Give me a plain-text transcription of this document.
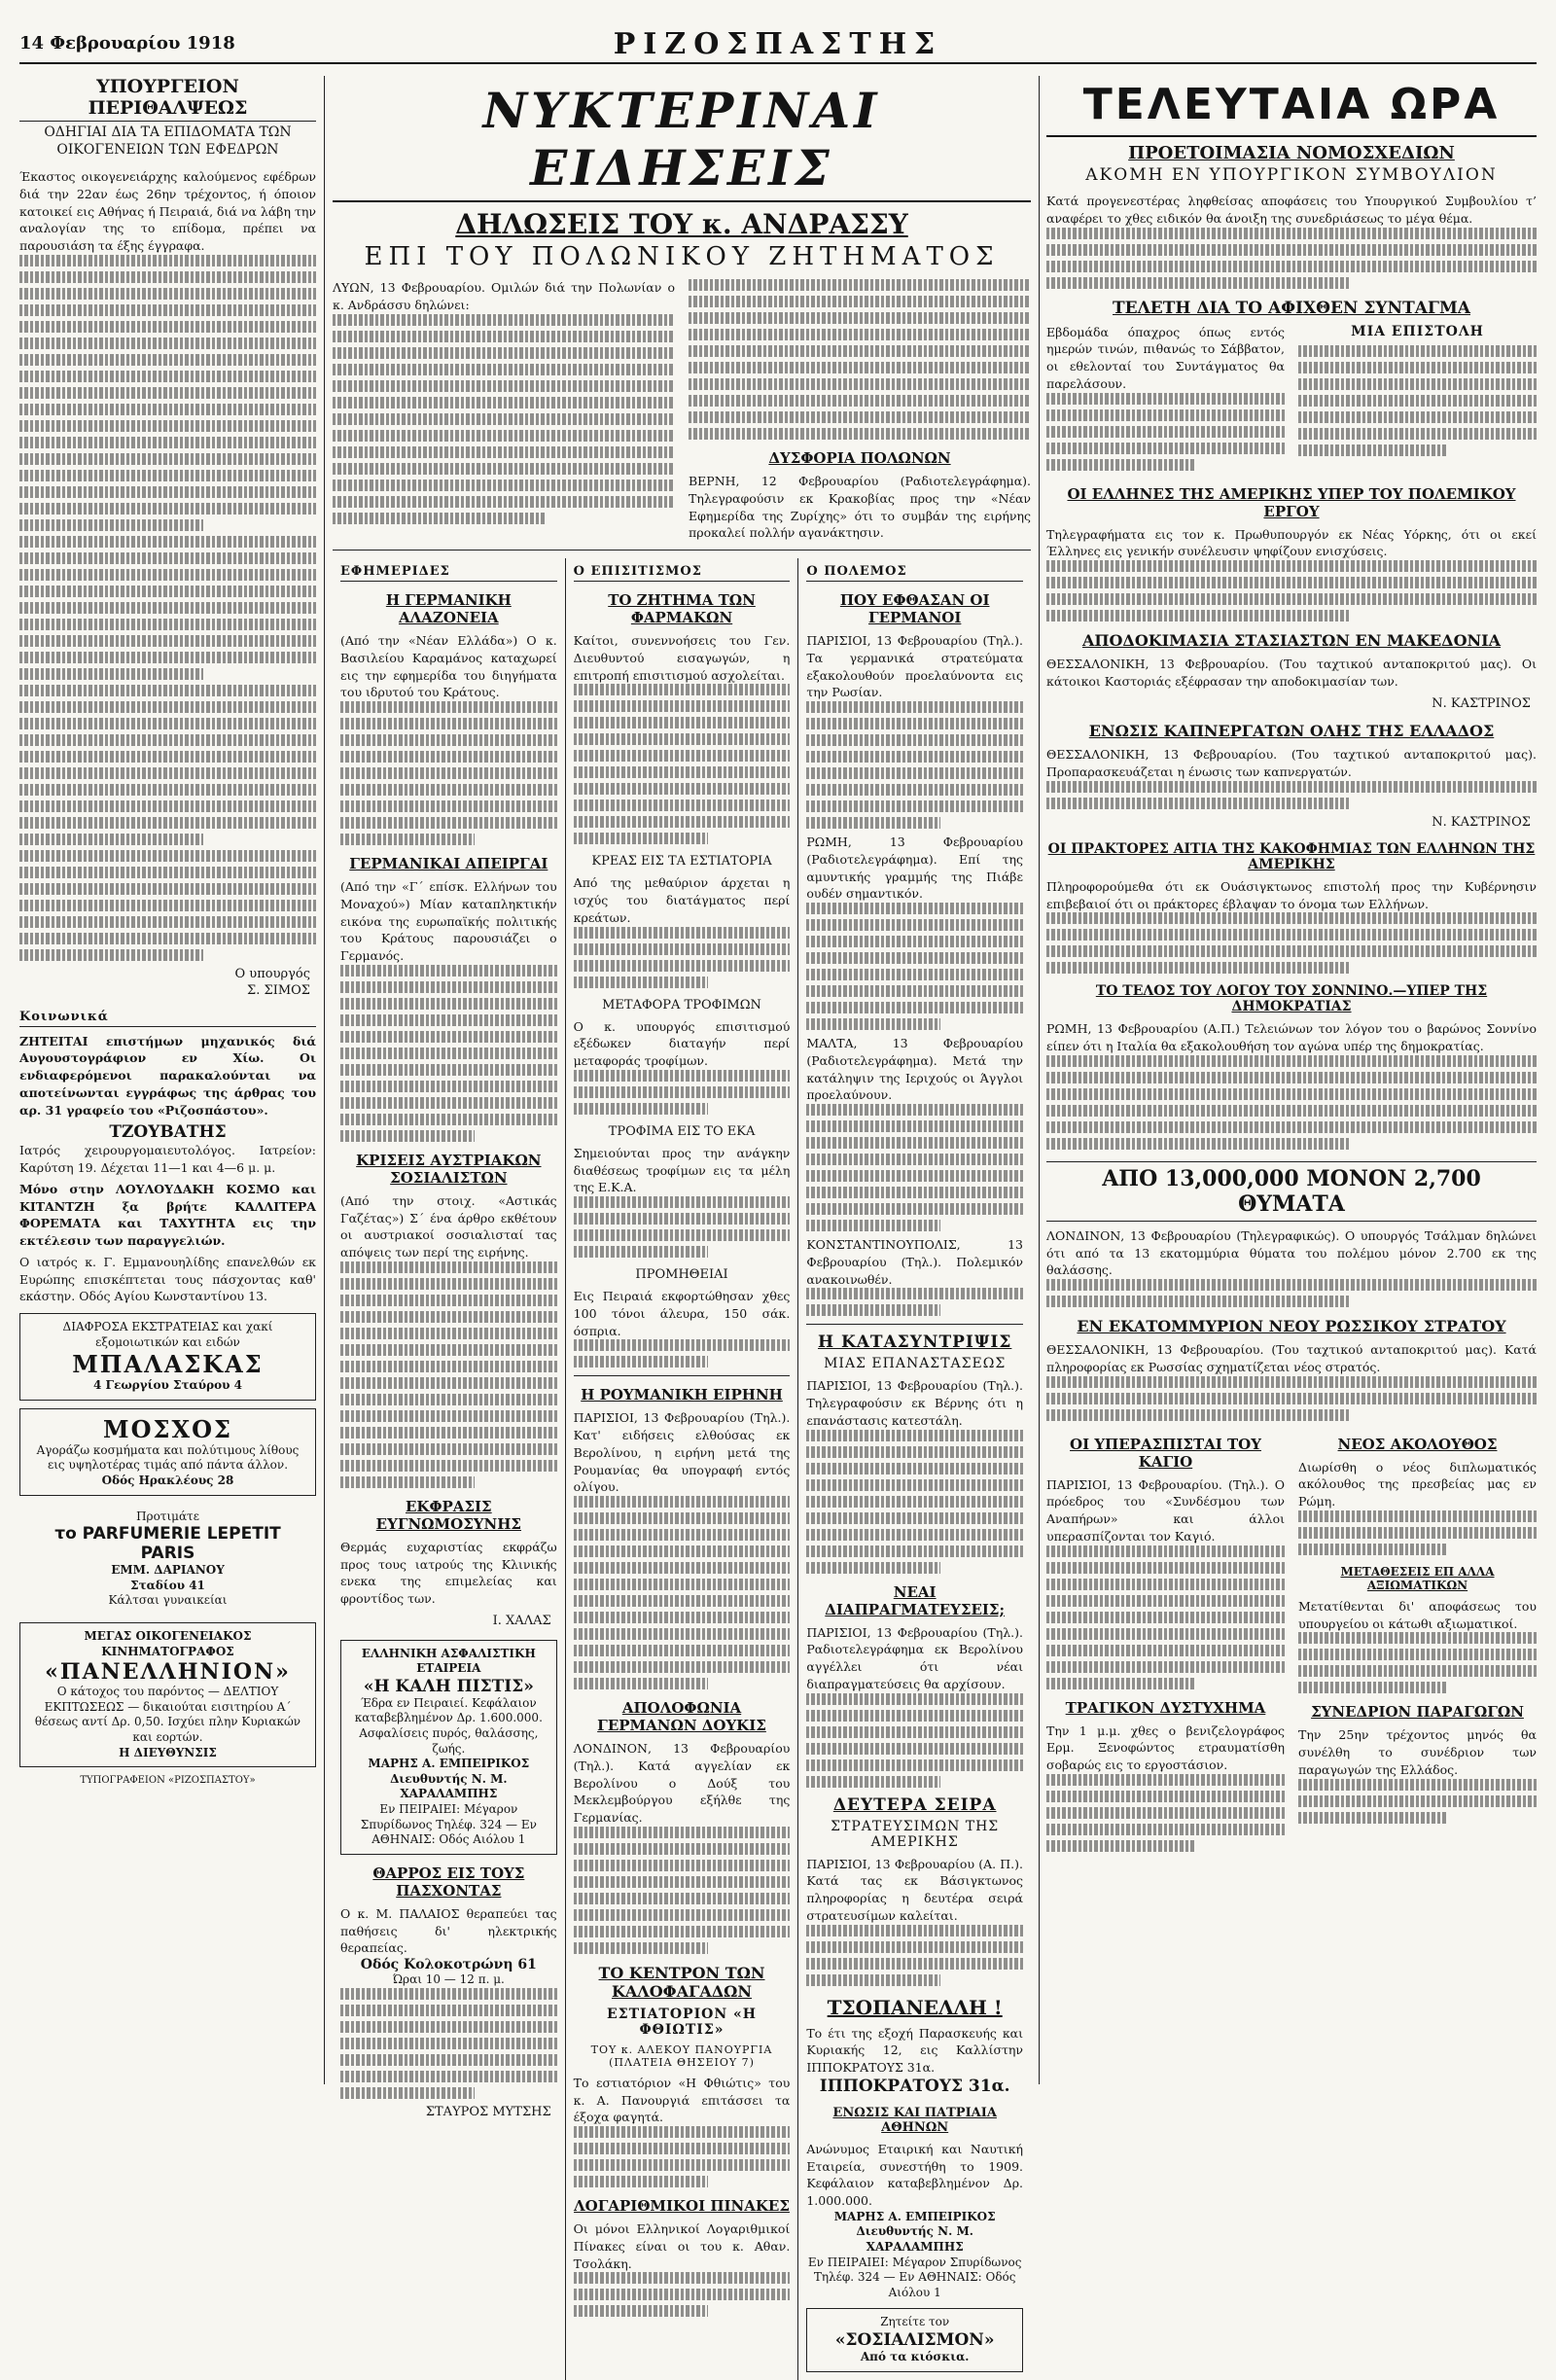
14 Φεβρουαρίου 1918	ΡΙΖΟΣΠΑΣΤΗΣ
ΥΠΟΥΡΓΕΙΟΝ ΠΕΡΙΘΑΛΨΕΩΣ
ΟΔΗΓΙΑΙ ΔΙΑ ΤΑ ΕΠΙΔΟΜΑΤΑ ΤΩΝ ΟΙΚΟΓΕΝΕΙΩΝ ΤΩΝ ΕΦΕΔΡΩΝ
Έκαστος οικογενειάρχης καλούμενος εφέδρων διά την 22αν έως 26ην τρέχοντος, ή όποιον κατοικεί εις Αθήνας ή Πειραιά, διά να λάβη την αναλογίαν της το επίδομα, πρέπει να παρουσιάση τα έξης έγγραφα.
Ο υπουργός
Σ. ΣΙΜΟΣ
Κοινωνικά
ΖΗΤΕΙΤΑΙ επιστήμων μηχανικός διά Αυγουστογράφιον εν Χίω. Οι ενδιαφερόμενοι παρακαλούνται να αποτείνωνται εγγράφως της άρθρας του αρ. 31 γραφείο του «Ριζοσπάστου».
ΤΖΟΥΒΑΤΗΣ
Ιατρός χειρουργομαιευτολόγος. Ιατρείον: Καρύτση 19. Δέχεται 11—1 και 4—6 μ. μ.
Μόνο στην ΛΟΥΛΟΥΔΑΚΗ ΚΟΣΜΟ και ΚΙΤΑΝΤΖΗ ξα βρήτε ΚΑΛΛΙΤΕΡΑ ΦΟΡΕΜΑΤΑ και ΤΑΧΥΤΗΤΑ εις την εκτέλεσιν των παραγγελιών.
Ο ιατρός κ. Γ. Εμμανουηλίδης επανελθών εκ Ευρώπης επισκέπτεται τους πάσχοντας καθ' εκάστην. Οδός Αγίου Κωνσταντίνου 13.
ΔΙΑΦΡΟΣΑ ΕΚΣΤΡΑΤΕΙΑΣ και χακί εξομοιωτικών και ειδών
ΜΠΑΛΑΣΚΑΣ
4 Γεωργίου Σταύρου 4
ΜΟΣΧΟΣ
Αγοράζω κοσμήματα και πολύτιμους λίθους εις υψηλοτέρας τιμάς από πάντα άλλον.
Οδός Ηρακλέους 28
Προτιμάτε
το PARFUMERIE LEPETIT PARIS
ΕΜΜ. ΔΑΡΙΑΝΟΥ
Σταδίου 41
Κάλτσαι γυναικείαι
ΜΕΓΑΣ ΟΙΚΟΓΕΝΕΙΑΚΟΣ ΚΙΝΗΜΑΤΟΓΡΑΦΟΣ
«ΠΑΝΕΛΛΗΝΙΟΝ»
Ο κάτοχος του παρόντος — ΔΕΛΤΙΟΥ ΕΚΠΤΩΣΕΩΣ — δικαιούται εισιτηρίου Α΄ θέσεως αντί Δρ. 0,50. Ισχύει πλην Κυριακών και εορτών.
Η ΔΙΕΥΘΥΝΣΙΣ
ΤΥΠΟΓΡΑΦΕΙΟΝ «ΡΙΖΟΣΠΑΣΤΟΥ»
ΝΥΚΤΕΡΙΝΑΙ ΕΙΔΗΣΕΙΣ
ΔΗΛΩΣΕΙΣ ΤΟΥ κ. ΑΝΔΡΑΣΣΥ
ΕΠΙ ΤΟΥ ΠΟΛΩΝΙΚΟΥ ΖΗΤΗΜΑΤΟΣ
ΛΥΩΝ, 13 Φεβρουαρίου. Ομιλών διά την Πολωνίαν ο κ. Ανδράσσυ δηλώνει:
ΔΥΣΦΟΡΙΑ ΠΟΛΩΝΩΝ
ΒΕΡΝΗ, 12 Φεβρουαρίου (Ραδιοτελεγράφημα). Τηλεγραφούσιν εκ Κρακοβίας προς την «Νέαν Εφημερίδα της Ζυρίχης» ότι το συμβάν της ειρήνης προκαλεί πολλήν αγανάκτησιν.
ΕΦΗΜΕΡΙΔΕΣ
Η ΓΕΡΜΑΝΙΚΗ ΑΛΑΖΟΝΕΙΑ
(Από την «Νέαν Ελλάδα») Ο κ. Βασιλείου Καραμάνος καταχωρεί εις την εφημερίδα του διηγήματα του ιδρυτού του Κράτους.
ΓΕΡΜΑΝΙΚΑΙ ΑΠΕΙΡΓΑΙ
(Από την «Γ΄ επίσκ. Ελλήνων του Μοναχού») Μίαν καταπληκτικήν εικόνα της ευρωπαϊκής πολιτικής του Κράτους παρουσιάζει ο Γερμανός.
ΚΡΙΣΕΙΣ ΑΥΣΤΡΙΑΚΩΝ ΣΟΣΙΑΛΙΣΤΩΝ
(Από την στοιχ. «Αστικάς Γαζέτας») Σ΄ ένα άρθρο εκθέτουν οι αυστριακοί σοσιαλισταί τας απόψεις των περί της ειρήνης.
ΕΚΦΡΑΣΙΣ ΕΥΓΝΩΜΟΣΥΝΗΣ
Θερμάς ευχαριστίας εκφράζω προς τους ιατρούς της Κλινικής ενεκα της επιμελείας και φροντίδος των.
Ι. ΧΑΛΑΣ
ΕΛΛΗΝΙΚΗ ΑΣΦΑΛΙΣΤΙΚΗ ΕΤΑΙΡΕΙΑ
«Η ΚΑΛΗ ΠΙΣΤΙΣ»
Έδρα εν Πειραιεί. Κεφάλαιον καταβεβλημένον Δρ. 1.600.000. Ασφαλίσεις πυρός, θαλάσσης, ζωής.
ΜΑΡΗΣ Α. ΕΜΠΕΙΡΙΚΟΣ
Διευθυντής Ν. Μ. ΧΑΡΑΛΑΜΠΗΣ
Εν ΠΕΙΡΑΙΕΙ: Μέγαρον Σπυρίδωνος Τηλέφ. 324 — Εν ΑΘΗΝΑΙΣ: Οδός Αιόλου 1
ΘΑΡΡΟΣ ΕΙΣ ΤΟΥΣ ΠΑΣΧΟΝΤΑΣ
Ο κ. Μ. ΠΑΛΑΙΟΣ θεραπεύει τας παθήσεις δι' ηλεκτρικής θεραπείας.
Οδός Κολοκοτρώνη 61
Ώραι 10 — 12 π. μ.
ΣΤΑΥΡΟΣ ΜΥΤΣΗΣ
Ο ΕΠΙΣΙΤΙΣΜΟΣ
ΤΟ ΖΗΤΗΜΑ ΤΩΝ ΦΑΡΜΑΚΩΝ
Καίτοι, συνεννοήσεις του Γεν. Διευθυντού εισαγωγών, η επιτροπή επισιτισμού ασχολείται.
ΚΡΕΑΣ ΕΙΣ ΤΑ ΕΣΤΙΑΤΟΡΙΑ
Από της μεθαύριον άρχεται η ισχύς του διατάγματος περί κρεάτων.
ΜΕΤΑΦΟΡΑ ΤΡΟΦΙΜΩΝ
Ο κ. υπουργός επισιτισμού εξέδωκεν διαταγήν περί μεταφοράς τροφίμων.
ΤΡΟΦΙΜΑ ΕΙΣ ΤΟ ΕΚΑ
Σημειούνται προς την ανάγκην διαθέσεως τροφίμων εις τα μέλη της Ε.Κ.Α.
ΠΡΟΜΗΘΕΙΑΙ
Εις Πειραιά εκφορτώθησαν χθες 100 τόνοι άλευρα, 150 σάκ. όσπρια.
Η ΡΟΥΜΑΝΙΚΗ ΕΙΡΗΝΗ
ΠΑΡΙΣΙΟΙ, 13 Φεβρουαρίου (Τηλ.). Κατ' ειδήσεις ελθούσας εκ Βερολίνου, η ειρήνη μετά της Ρουμανίας θα υπογραφή εντός ολίγου.
ΑΠΟΛΟΦΩΝΙΑ ΓΕΡΜΑΝΩΝ ΔΟΥΚΙΣ
ΛΟΝΔΙΝΟΝ, 13 Φεβρουαρίου (Τηλ.). Κατά αγγελίαν εκ Βερολίνου ο Δούξ του Μεκλεμβούργου εξήλθε της Γερμανίας.
ΤΟ ΚΕΝΤΡΟΝ ΤΩΝ ΚΑΛΟΦΑΓΑΔΩΝ
ΕΣΤΙΑΤΟΡΙΟΝ «Η ΦΘΙΩΤΙΣ»
ΤΟΥ κ. ΑΛΕΚΟΥ ΠΑΝΟΥΡΓΙΑ (ΠΛΑΤΕΙΑ ΘΗΣΕΙΟΥ 7)
Το εστιατόριον «Η Φθιώτις» του κ. Α. Πανουργιά επιτάσσει τα έξοχα φαγητά.
ΛΟΓΑΡΙΘΜΙΚΟΙ ΠΙΝΑΚΕΣ
Οι μόνοι Ελληνικοί Λογαριθμικοί Πίνακες είναι οι του κ. Αθαν. Τσολάκη.
Ο ΠΟΛΕΜΟΣ
ΠΟΥ ΕΦΘΑΣΑΝ ΟΙ ΓΕΡΜΑΝΟΙ
ΠΑΡΙΣΙΟΙ, 13 Φεβρουαρίου (Τηλ.). Τα γερμανικά στρατεύματα εξακολουθούν προελαύνοντα εις την Ρωσίαν.
ΡΩΜΗ, 13 Φεβρουαρίου (Ραδιοτελεγράφημα). Επί της αμυντικής γραμμής της Πιάβε ουδέν σημαντικόν.
ΜΑΛΤΑ, 13 Φεβρουαρίου (Ραδιοτελεγράφημα). Μετά την κατάληψιν της Ιεριχούς οι Άγγλοι προελαύνουν.
ΚΟΝΣΤΑΝΤΙΝΟΥΠΟΛΙΣ, 13 Φεβρουαρίου (Τηλ.). Πολεμικόν ανακοινωθέν.
Η ΚΑΤΑΣΥΝΤΡΙΨΙΣ
ΜΙΑΣ ΕΠΑΝΑΣΤΑΣΕΩΣ
ΠΑΡΙΣΙΟΙ, 13 Φεβρουαρίου (Τηλ.). Τηλεγραφούσιν εκ Βέρνης ότι η επανάστασις κατεστάλη.
ΝΕΑΙ ΔΙΑΠΡΑΓΜΑΤΕΥΣΕΙΣ;
ΠΑΡΙΣΙΟΙ, 13 Φεβρουαρίου (Τηλ.). Ραδιοτελεγράφημα εκ Βερολίνου αγγέλλει ότι νέαι διαπραγματεύσεις θα αρχίσουν.
ΔΕΥΤΕΡΑ ΣΕΙΡΑ
ΣΤΡΑΤΕΥΣΙΜΩΝ ΤΗΣ ΑΜΕΡΙΚΗΣ
ΠΑΡΙΣΙΟΙ, 13 Φεβρουαρίου (Α. Π.). Κατά τας εκ Βάσιγκτωνος πληροφορίας η δευτέρα σειρά στρατευσίμων καλείται.
ΤΣΟΠΑΝΕΛΛΗ !
Το έτι της εξοχή Παρασκευής και Κυριακής 12, εις Καλλίστην ΙΠΠΟΚΡΑΤΟΥΣ 31α.
ΙΠΠΟΚΡΑΤΟΥΣ 31α.
ΕΝΩΣΙΣ ΚΑΙ ΠΑΤΡΙΑΙΑ ΑΘΗΝΩΝ
Ανώνυμος Εταιρική και Ναυτική Εταιρεία, συνεστήθη το 1909. Κεφάλαιον καταβεβλημένον Δρ. 1.000.000.
ΜΑΡΗΣ Α. ΕΜΠΕΙΡΙΚΟΣ
Διευθυντής Ν. Μ. ΧΑΡΑΛΑΜΠΗΣ
Εν ΠΕΙΡΑΙΕΙ: Μέγαρον Σπυρίδωνος Τηλέφ. 324 — Εν ΑΘΗΝΑΙΣ: Οδός Αιόλου 1
Ζητείτε τον
«ΣΟΣΙΑΛΙΣΜΟΝ»
Από τα κιόσκια.
ΤΕΛΕΥΤΑΙΑ ΩΡΑ
ΠΡΟΕΤΟΙΜΑΣΙΑ ΝΟΜΟΣΧΕΔΙΩΝ
ΑΚΟΜΗ ΕΝ ΥΠΟΥΡΓΙΚΟΝ ΣΥΜΒΟΥΛΙΟΝ
Κατά προγενεστέρας ληφθείσας αποφάσεις του Υπουργικού Συμβουλίου τ’ αναφέρει το χθες ειδικόν θα άνοιξη της συνεδριάσεως το μέγα θέμα.
ΤΕΛΕΤΗ ΔΙΑ ΤΟ ΑΦΙΧΘΕΝ ΣΥΝΤΑΓΜΑ
Εβδομάδα όπαχρος όπως εντός ημερών τινών, πιθανώς το Σάββατον, οι εθελονταί του Συντάγματος θα παρελάσουν.
ΜΙΑ ΕΠΙΣΤΟΛΗ
ΟΙ ΕΛΛΗΝΕΣ ΤΗΣ ΑΜΕΡΙΚΗΣ ΥΠΕΡ ΤΟΥ ΠΟΛΕΜΙΚΟΥ ΕΡΓΟΥ
Τηλεγραφήματα εις τον κ. Πρωθυπουργόν εκ Νέας Υόρκης, ότι οι εκεί Έλληνες εις γενικήν συνέλευσιν ψηφίζουν ενισχύσεις.
ΑΠΟΔΟΚΙΜΑΣΙΑ ΣΤΑΣΙΑΣΤΩΝ ΕΝ ΜΑΚΕΔΟΝΙΑ
ΘΕΣΣΑΛΟΝΙΚΗ, 13 Φεβρουαρίου. (Του ταχτικού ανταποκριτού μας). Οι κάτοικοι Καστοριάς εξέφρασαν την αποδοκιμασίαν των.
Ν. ΚΑΣΤΡΙΝΟΣ
ΕΝΩΣΙΣ ΚΑΠΝΕΡΓΑΤΩΝ ΟΛΗΣ ΤΗΣ ΕΛΛΑΔΟΣ
ΘΕΣΣΑΛΟΝΙΚΗ, 13 Φεβρουαρίου. (Του ταχτικού ανταποκριτού μας). Προπαρασκευάζεται η ένωσις των καπνεργατών.
Ν. ΚΑΣΤΡΙΝΟΣ
ΟΙ ΠΡΑΚΤΟΡΕΣ ΑΙΤΙΑ ΤΗΣ ΚΑΚΟΦΗΜΙΑΣ ΤΩΝ ΕΛΛΗΝΩΝ ΤΗΣ ΑΜΕΡΙΚΗΣ
Πληροφορούμεθα ότι εκ Ουάσιγκτωνος επιστολή προς την Κυβέρνησιν επιβεβαιοί ότι οι πράκτορες έβλαψαν το όνομα των Ελλήνων.
ΤΟ ΤΕΛΟΣ ΤΟΥ ΛΟΓΟΥ ΤΟΥ ΣΟΝΝΙΝΟ.—ΥΠΕΡ ΤΗΣ ΔΗΜΟΚΡΑΤΙΑΣ
ΡΩΜΗ, 13 Φεβρουαρίου (Α.Π.) Τελειώνων τον λόγον του ο βαρώνος Σοννίνο είπεν ότι η Ιταλία θα εξακολουθήση τον αγώνα υπέρ της δημοκρατίας.
ΑΠΟ 13,000,000 ΜΟΝΟΝ 2,700 ΘΥΜΑΤΑ
ΛΟΝΔΙΝΟΝ, 13 Φεβρουαρίου (Τηλεγραφικώς). Ο υπουργός Τσάλμαν δηλώνει ότι από τα 13 εκατομμύρια θύματα του πολέμου μόνον 2.700 εκ της θαλάσσης.
ΕΝ ΕΚΑΤΟΜΜΥΡΙΟΝ ΝΕΟΥ ΡΩΣΣΙΚΟΥ ΣΤΡΑΤΟΥ
ΘΕΣΣΑΛΟΝΙΚΗ, 13 Φεβρουαρίου. (Του ταχτικού ανταποκριτού μας). Κατά πληροφορίας εκ Ρωσσίας σχηματίζεται νέος στρατός.
ΟΙ ΥΠΕΡΑΣΠΙΣΤΑΙ ΤΟΥ ΚΑΓΙΟ
ΠΑΡΙΣΙΟΙ, 13 Φεβρουαρίου. (Τηλ.). Ο πρόεδρος του «Συνδέσμου των Αναπήρων» και άλλοι υπερασπίζονται τον Καγιό.
ΤΡΑΓΙΚΟΝ ΔΥΣΤΥΧΗΜΑ
Την 1 μ.μ. χθες ο βενιζελογράφος Ερμ. Ξενοφώντος ετραυματίσθη σοβαρώς εις το εργοστάσιον.
ΝΕΟΣ ΑΚΟΛΟΥΘΟΣ
Διωρίσθη ο νέος διπλωματικός ακόλουθος της πρεσβείας μας εν Ρώμη.
ΜΕΤΑΘΕΣΕΙΣ ΕΠ ΑΛΛΑ ΑΞΙΩΜΑΤΙΚΩΝ
Μετατίθενται δι' αποφάσεως του υπουργείου οι κάτωθι αξιωματικοί.
ΣΥΝΕΔΡΙΟΝ ΠΑΡΑΓΩΓΩΝ
Την 25ην τρέχοντος μηνός θα συνέλθη το συνέδριον των παραγωγών της Ελλάδος.
